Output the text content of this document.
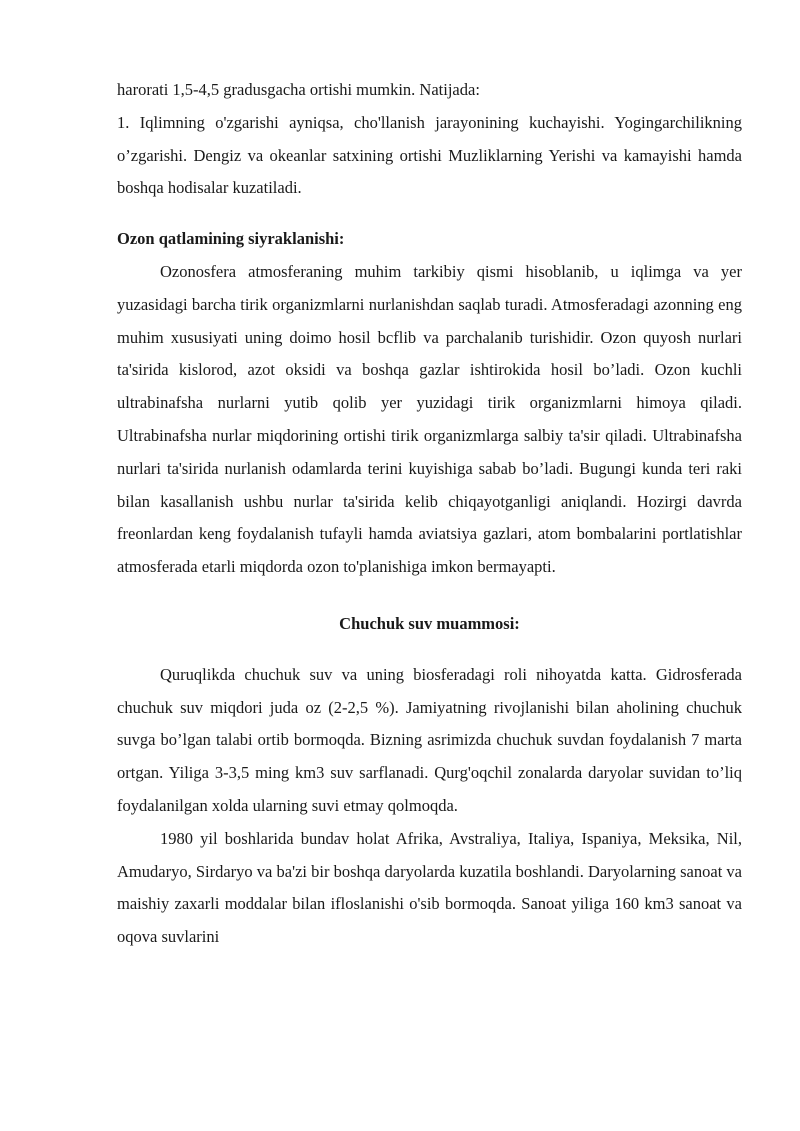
harorati 1,5-4,5 gradusgacha ortishi mumkin. Natijada:

1. Iqlimning o'zgarishi ayniqsa, cho'llanish jarayonining kuchayishi. Yogingarchilikning o’zgarishi. Dengiz va okeanlar satxining ortishi Muzliklarning Yerishi va kamayishi hamda boshqa hodisalar kuzatiladi.

Ozon qatlamining siyraklanishi:

Ozonosfera atmosferaning muhim tarkibiy qismi hisoblanib, u iqlimga va yer yuzasidagi barcha tirik organizmlarni nurlanishdan saqlab turadi. Atmosferadagi azonning eng muhim xususiyati uning doimo hosil bcflib va parchalanib turishidir. Ozon quyosh nurlari ta'sirida kislorod, azot oksidi va boshqa gazlar ishtirokida hosil bo’ladi. Ozon kuchli ultrabinafsha nurlarni yutib qolib yer yuzidagi tirik organizmlarni himoya qiladi. Ultrabinafsha nurlar miqdorining ortishi tirik organizmlarga salbiy ta'sir qiladi. Ultrabinafsha nurlari ta'sirida nurlanish odamlarda terini kuyishiga sabab bo’ladi. Bugungi kunda teri raki bilan kasallanish ushbu nurlar ta'sirida kelib chiqayotganligi aniqlandi. Hozirgi davrda freonlardan keng foydalanish tufayli hamda aviatsiya gazlari, atom bombalarini portlatishlar atmosferada etarli miqdorda ozon to'planishiga imkon bermayapti.

Chuchuk suv muammosi:

Quruqlikda chuchuk suv va uning biosferadagi roli nihoyatda katta. Gidrosferada chuchuk suv miqdori juda oz (2-2,5 %). Jamiyatning rivojlanishi bilan aholining chuchuk suvga bo’lgan talabi ortib bormoqda. Bizning asrimizda chuchuk suvdan foydalanish 7 marta ortgan. Yiliga 3-3,5 ming km3 suv sarflanadi. Qurg'oqchil zonalarda daryolar suvidan to’liq foydalanilgan xolda ularning suvi etmay qolmoqda.

1980 yil boshlarida bundav holat Afrika, Avstraliya, Italiya, Ispaniya, Meksika, Nil, Amudaryo, Sirdaryo va ba'zi bir boshqa daryolarda kuzatila boshlandi. Daryolarning sanoat va maishiy zaxarli moddalar bilan ifloslanishi o'sib bormoqda. Sanoat yiliga 160 km3 sanoat va oqova suvlarini
